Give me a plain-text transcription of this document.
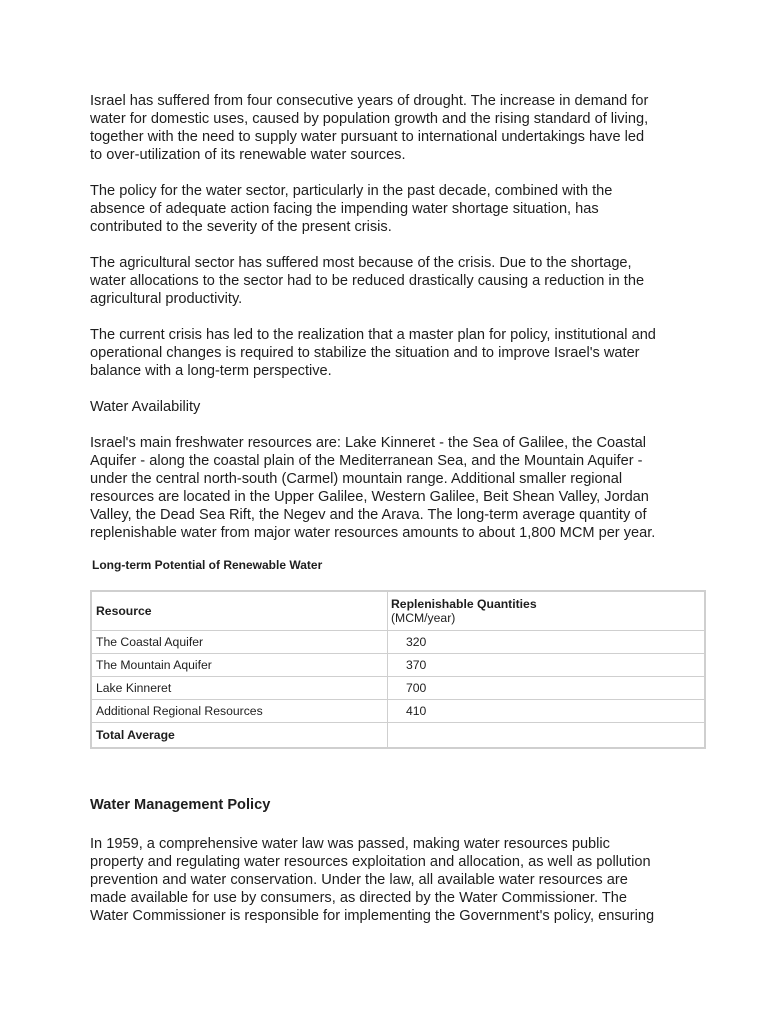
Israel has suffered from four consecutive years of drought. The increase in demand for
water for domestic uses, caused by population growth and the rising standard of living,
together with the need to supply water pursuant to international undertakings have led
to over-utilization of its renewable water sources.
The policy for the water sector, particularly in the past decade, combined with the
absence of adequate action facing the impending water shortage situation, has
contributed to the severity of the present crisis.
The agricultural sector has suffered most because of the crisis. Due to the shortage,
water allocations to the sector had to be reduced drastically causing a reduction in the
agricultural productivity.
The current crisis has led to the realization that a master plan for policy, institutional and
operational changes is required to stabilize the situation and to improve Israel's water
balance with a long-term perspective.
Water Availability
Israel's main freshwater resources are: Lake Kinneret - the Sea of Galilee, the Coastal
Aquifer - along the coastal plain of the Mediterranean Sea, and the Mountain Aquifer -
under the central north-south (Carmel) mountain range. Additional smaller regional
resources are located in the Upper Galilee, Western Galilee, Beit Shean Valley, Jordan
Valley, the Dead Sea Rift, the Negev and the Arava. The long-term average quantity of
replenishable water from major water resources amounts to about 1,800 MCM per year.
Long-term Potential of Renewable Water
Resource	Replenishable Quantities
(MCM/year)

The Coastal Aquifer	320
The Mountain Aquifer	370
Lake Kinneret	700
Additional Regional Resources	410
Total Average	
Water Management Policy
In 1959, a comprehensive water law was passed, making water resources public
property and regulating water resources exploitation and allocation, as well as pollution
prevention and water conservation. Under the law, all available water resources are
made available for use by consumers, as directed by the Water Commissioner. The
Water Commissioner is responsible for implementing the Government's policy, ensuring
